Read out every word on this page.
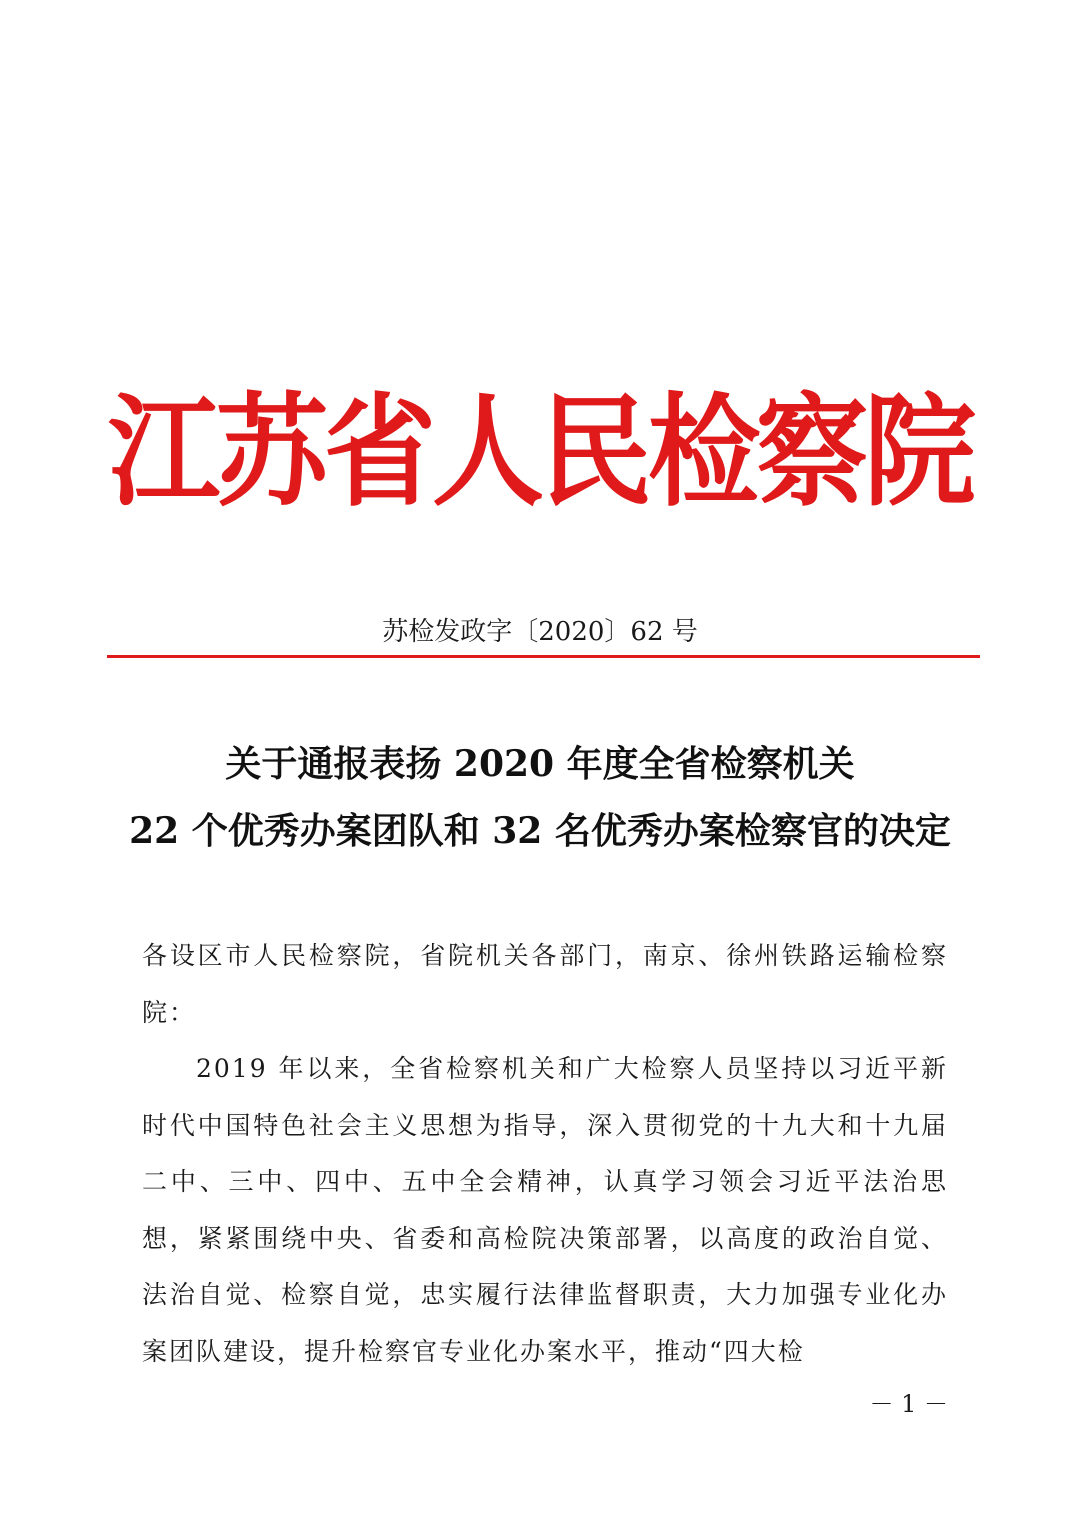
江苏省人民检察院
苏检发政字〔2020〕62 号
关于通报表扬 2020 年度全省检察机关
22 个优秀办案团队和 32 名优秀办案检察官的决定
各设区市人民检察院，省院机关各部门，南京、徐州铁路运输检察院：
2019 年以来，全省检察机关和广大检察人员坚持以习近平新时代中国特色社会主义思想为指导，深入贯彻党的十九大和十九届二中、三中、四中、五中全会精神，认真学习领会习近平法治思想，紧紧围绕中央、省委和高检院决策部署，以高度的政治自觉、法治自觉、检察自觉，忠实履行法律监督职责，大力加强专业化办案团队建设，提升检察官专业化办案水平，推动“四大检
－ 1 －
